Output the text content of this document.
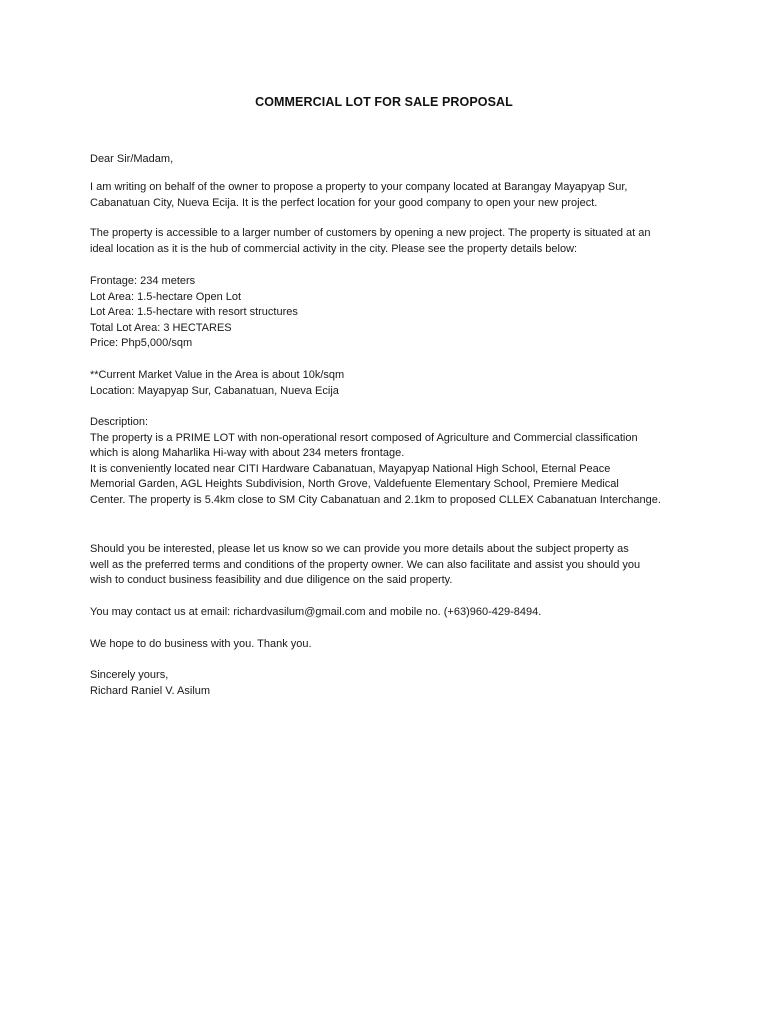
COMMERCIAL LOT FOR SALE PROPOSAL
Dear Sir/Madam,
I am writing on behalf of the owner to propose a property to your company located at Barangay Mayapyap Sur,
Cabanatuan City, Nueva Ecija. It is the perfect location for your good company to open your new project.
The property is accessible to a larger number of customers by opening a new project. The property is situated at an
ideal location as it is the hub of commercial activity in the city. Please see the property details below:
Frontage: 234 meters
Lot Area: 1.5-hectare Open Lot
Lot Area: 1.5-hectare with resort structures
Total Lot Area: 3 HECTARES
Price: Php5,000/sqm
**Current Market Value in the Area is about 10k/sqm
Location: Mayapyap Sur, Cabanatuan, Nueva Ecija
Description:
The property is a PRIME LOT with non-operational resort composed of Agriculture and Commercial classification
which is along Maharlika Hi-way with about 234 meters frontage.
It is conveniently located near CITI Hardware Cabanatuan, Mayapyap National High School, Eternal Peace
Memorial Garden, AGL Heights Subdivision, North Grove, Valdefuente Elementary School, Premiere Medical
Center. The property is 5.4km close to SM City Cabanatuan and 2.1km to proposed CLLEX Cabanatuan Interchange.
Should you be interested, please let us know so we can provide you more details about the subject property as
well as the preferred terms and conditions of the property owner. We can also facilitate and assist you should you
wish to conduct business feasibility and due diligence on the said property.
You may contact us at email: richardvasilum@gmail.com and mobile no. (+63)960-429-8494.
We hope to do business with you. Thank you.
Sincerely yours,
Richard Raniel V. Asilum
